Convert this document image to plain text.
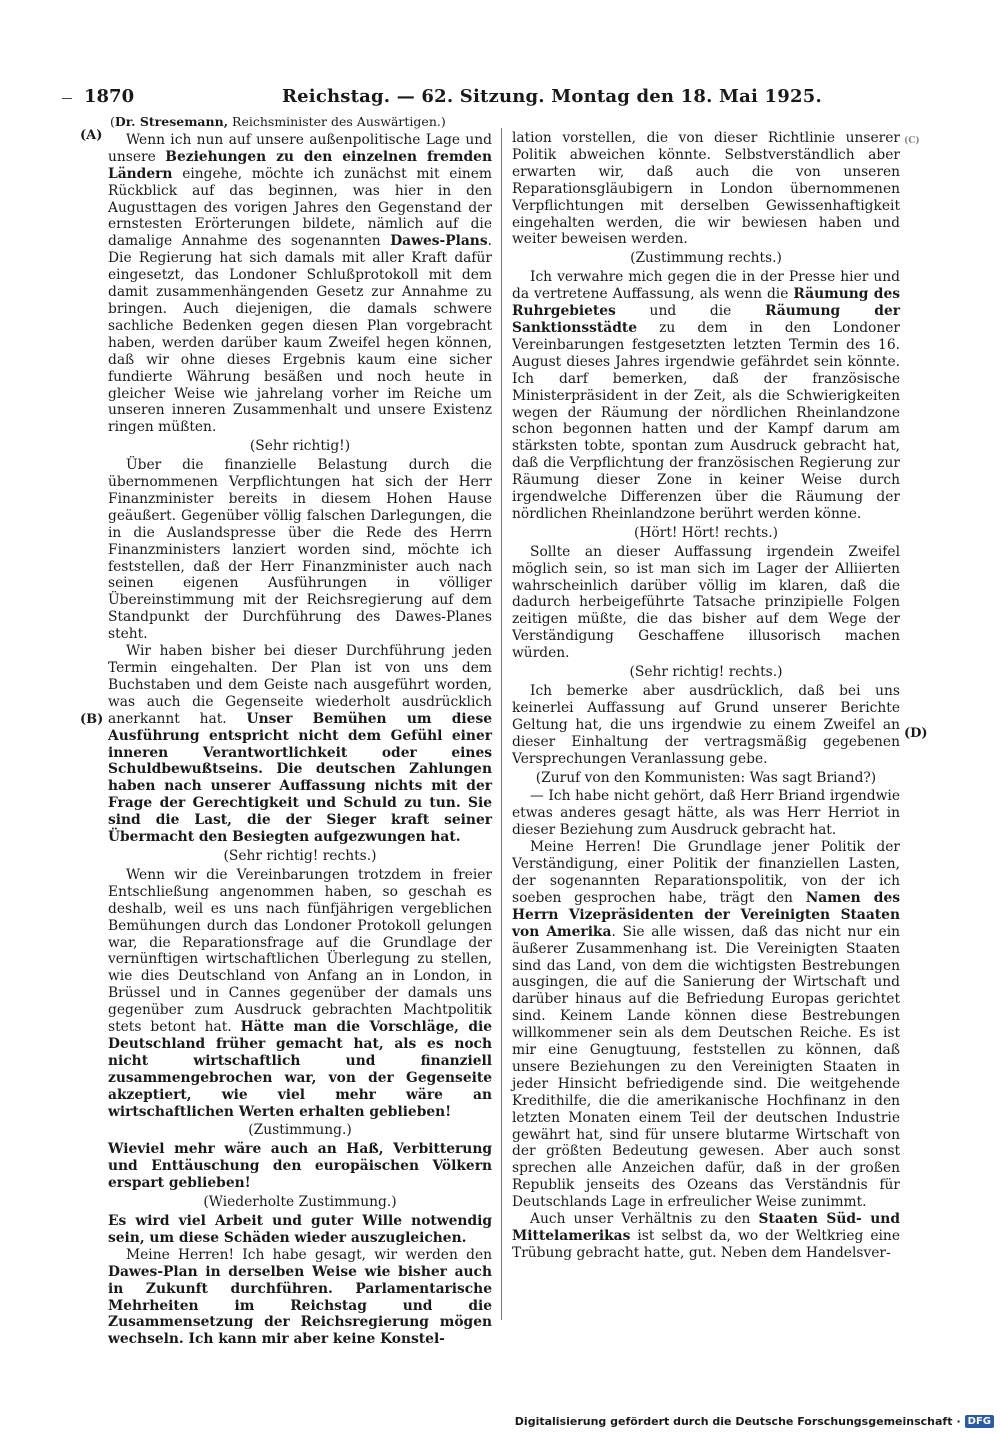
1870	Reichstag. — 62. Sitzung. Montag den 18. Mai 1925.
(A)
(B)
(C)
(D)
(Dr. Stresemann, Reichsminister des Auswärtigen.)

Wenn ich nun auf unsere außenpolitische Lage und unsere Beziehungen zu den einzelnen fremden Ländern eingehe, möchte ich zunächst mit einem Rückblick auf das beginnen, was hier in den Augusttagen des vorigen Jahres den Gegenstand der ernstesten Erörterungen bildete, nämlich auf die damalige Annahme des sogenannten Dawes-Plans. Die Regierung hat sich damals mit aller Kraft dafür eingesetzt, das Londoner Schlußprotokoll mit dem damit zusammenhängenden Gesetz zur Annahme zu bringen. Auch diejenigen, die damals schwere sachliche Bedenken gegen diesen Plan vorgebracht haben, werden darüber kaum Zweifel hegen können, daß wir ohne dieses Ergebnis kaum eine sicher fundierte Währung besäßen und noch heute in gleicher Weise wie jahrelang vorher im Reiche um unseren inneren Zusammenhalt und unsere Existenz ringen müßten.

(Sehr richtig!)

Über die finanzielle Belastung durch die übernommenen Verpflichtungen hat sich der Herr Finanzminister bereits in diesem Hohen Hause geäußert. Gegenüber völlig falschen Darlegungen, die in die Auslandspresse über die Rede des Herrn Finanzministers lanziert worden sind, möchte ich feststellen, daß der Herr Finanzminister auch nach seinen eigenen Ausführungen in völliger Übereinstimmung mit der Reichsregierung auf dem Standpunkt der Durchführung des Dawes-Planes steht.

Wir haben bisher bei dieser Durchführung jeden Termin eingehalten. Der Plan ist von uns dem Buchstaben und dem Geiste nach ausgeführt worden, was auch die Gegenseite wiederholt ausdrücklich anerkannt hat. Unser Bemühen um diese Ausführung entspricht nicht dem Gefühl einer inneren Verantwortlichkeit oder eines Schuldbewußtseins. Die deutschen Zahlungen haben nach unserer Auffassung nichts mit der Frage der Gerechtigkeit und Schuld zu tun. Sie sind die Last, die der Sieger kraft seiner Übermacht den Besiegten aufgezwungen hat.

(Sehr richtig! rechts.)

Wenn wir die Vereinbarungen trotzdem in freier Entschließung angenommen haben, so geschah es deshalb, weil es uns nach fünfjährigen vergeblichen Bemühungen durch das Londoner Protokoll gelungen war, die Reparationsfrage auf die Grundlage der vernünftigen wirtschaftlichen Überlegung zu stellen, wie dies Deutschland von Anfang an in London, in Brüssel und in Cannes gegenüber der damals uns gegenüber zum Ausdruck gebrachten Machtpolitik stets betont hat. Hätte man die Vorschläge, die Deutschland früher gemacht hat, als es noch nicht wirtschaftlich und finanziell zusammengebrochen war, von der Gegenseite akzeptiert, wie viel mehr wäre an wirtschaftlichen Werten erhalten geblieben!

(Zustimmung.)

Wieviel mehr wäre auch an Haß, Verbitterung und Enttäuschung den europäischen Völkern erspart geblieben!

(Wiederholte Zustimmung.)

Es wird viel Arbeit und guter Wille notwendig sein, um diese Schäden wieder auszugleichen.

Meine Herren! Ich habe gesagt, wir werden den Dawes-Plan in derselben Weise wie bisher auch in Zukunft durchführen. Parlamentarische Mehrheiten im Reichstag und die Zusammensetzung der Reichsregierung mögen wechseln. Ich kann mir aber keine Konstel-

lation vorstellen, die von dieser Richtlinie unserer Politik abweichen könnte. Selbstverständlich aber erwarten wir, daß auch die von unseren Reparationsgläubigern in London übernommenen Verpflichtungen mit derselben Gewissenhaftigkeit eingehalten werden, die wir bewiesen haben und weiter beweisen werden.

(Zustimmung rechts.)

Ich verwahre mich gegen die in der Presse hier und da vertretene Auffassung, als wenn die Räumung des Ruhrgebietes und die Räumung der Sanktionsstädte zu dem in den Londoner Vereinbarungen festgesetzten letzten Termin des 16. August dieses Jahres irgendwie gefährdet sein könnte. Ich darf bemerken, daß der französische Ministerpräsident in der Zeit, als die Schwierigkeiten wegen der Räumung der nördlichen Rheinlandzone schon begonnen hatten und der Kampf darum am stärksten tobte, spontan zum Ausdruck gebracht hat, daß die Verpflichtung der französischen Regierung zur Räumung dieser Zone in keiner Weise durch irgendwelche Differenzen über die Räumung der nördlichen Rheinlandzone berührt werden könne.

(Hört! Hört! rechts.)

Sollte an dieser Auffassung irgendein Zweifel möglich sein, so ist man sich im Lager der Alliierten wahrscheinlich darüber völlig im klaren, daß die dadurch herbeigeführte Tatsache prinzipielle Folgen zeitigen müßte, die das bisher auf dem Wege der Verständigung Geschaffene illusorisch machen würden.

(Sehr richtig! rechts.)

Ich bemerke aber ausdrücklich, daß bei uns keinerlei Auffassung auf Grund unserer Berichte Geltung hat, die uns irgendwie zu einem Zweifel an dieser Einhaltung der vertragsmäßig gegebenen Versprechungen Veranlassung gebe.

(Zuruf von den Kommunisten: Was sagt Briand?)

— Ich habe nicht gehört, daß Herr Briand irgendwie etwas anderes gesagt hätte, als was Herr Herriot in dieser Beziehung zum Ausdruck gebracht hat.

Meine Herren! Die Grundlage jener Politik der Verständigung, einer Politik der finanziellen Lasten, der sogenannten Reparationspolitik, von der ich soeben gesprochen habe, trägt den Namen des Herrn Vizepräsidenten der Vereinigten Staaten von Amerika. Sie alle wissen, daß das nicht nur ein äußerer Zusammenhang ist. Die Vereinigten Staaten sind das Land, von dem die wichtigsten Bestrebungen ausgingen, die auf die Sanierung der Wirtschaft und darüber hinaus auf die Befriedung Europas gerichtet sind. Keinem Lande können diese Bestrebungen willkommener sein als dem Deutschen Reiche. Es ist mir eine Genugtuung, feststellen zu können, daß unsere Beziehungen zu den Vereinigten Staaten in jeder Hinsicht befriedigende sind. Die weitgehende Kredithilfe, die die amerikanische Hochfinanz in den letzten Monaten einem Teil der deutschen Industrie gewährt hat, sind für unsere blutarme Wirtschaft von der größten Bedeutung gewesen. Aber auch sonst sprechen alle Anzeichen dafür, daß in der großen Republik jenseits des Ozeans das Verständnis für Deutschlands Lage in erfreulicher Weise zunimmt.

Auch unser Verhältnis zu den Staaten Süd- und Mittelamerikas ist selbst da, wo der Weltkrieg eine Trübung gebracht hatte, gut. Neben dem Handelsver-

Digitalisierung gefördert durch die Deutsche Forschungsgemeinschaft · DFG
